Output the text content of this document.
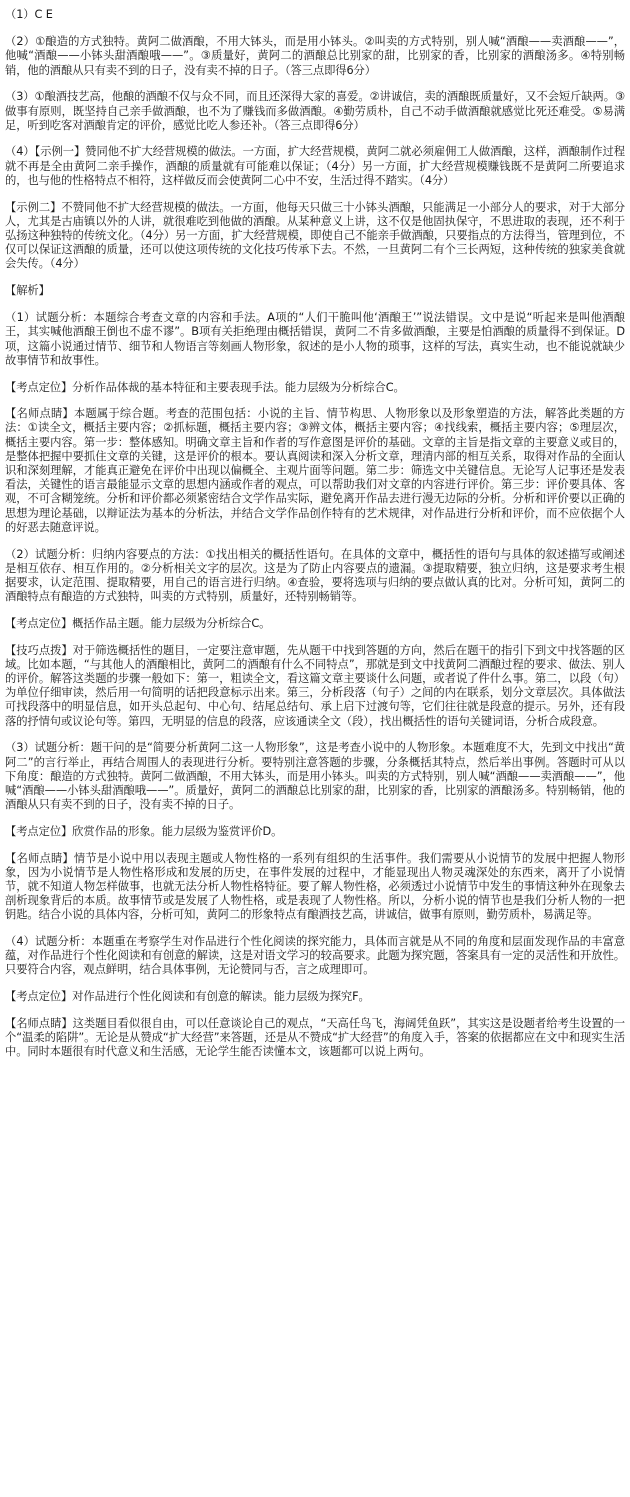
（1）C E
（2）①酿造的方式独特。黄阿二做酒酿，不用大钵头，而是用小钵头。②叫卖的方式特别，别人喊“酒酿——卖酒酿——”，他喊“酒酿——小钵头甜酒酿哦——”。③质量好，黄阿二的酒酿总比别家的甜，比别家的香，比别家的酒酿汤多。④特别畅销，他的酒酿从只有卖不到的日子，没有卖不掉的日子。（答三点即得6分）
（3）①酿酒技艺高，他酿的酒酿不仅与众不同，而且还深得大家的喜爱。②讲诚信，卖的酒酿既质量好，又不会短斤缺两。③做事有原则，既坚持自己亲手做酒酿，也不为了赚钱而多做酒酿。④勤劳质朴，自己不动手做酒酿就感觉比死还难受。⑤易满足，听到吃客对酒酿肯定的评价，感觉比吃人参还补。（答三点即得6分）
（4）【示例一】赞同他不扩大经营规模的做法。一方面，扩大经营规模，黄阿二就必须雇佣工人做酒酿，这样，酒酿制作过程就不再是全由黄阿二亲手操作，酒酿的质量就有可能难以保证；（4分）另一方面，扩大经营规模赚钱既不是黄阿二所要追求的，也与他的性格特点不相符，这样做反而会使黄阿二心中不安，生活过得不踏实。（4分）
【示例二】不赞同他不扩大经营规模的做法。一方面，他每天只做三十小钵头酒酿，只能满足一小部分人的要求，对于大部分人，尤其是古庙镇以外的人讲，就很难吃到他做的酒酿。从某种意义上讲，这不仅是他固执保守，不思进取的表现，还不利于弘扬这种独特的传统文化。（4分）另一方面，扩大经营规模，即使自己不能亲手做酒酿，只要指点的方法得当，管理到位，不仅可以保证这酒酿的质量，还可以使这项传统的文化技巧传承下去。不然，一旦黄阿二有个三长两短，这种传统的独家美食就会失传。（4分）
【解析】
（1）试题分析：本题综合考查文章的内容和手法。A项的“人们干脆叫他‘酒酿王’”说法错误。文中是说“听起来是叫他酒酿王，其实喊他酒酿王倒也不虚不谬”。B项有关拒绝理由概括错误，黄阿二不肯多做酒酿，主要是怕酒酿的质量得不到保证。D项，这篇小说通过情节、细节和人物语言等刻画人物形象，叙述的是小人物的琐事，这样的写法，真实生动，也不能说就缺少故事情节和故事性。
【考点定位】分析作品体裁的基本特征和主要表现手法。能力层级为分析综合C。
【名师点睛】本题属于综合题。考查的范围包括：小说的主旨、情节构思、人物形象以及形象塑造的方法，解答此类题的方法：①读全文，概括主要内容；②抓标题，概括主要内容；③辨文体，概括主要内容；④找线索，概括主要内容；⑤理层次，概括主要内容。第一步：整体感知。明确文章主旨和作者的写作意图是评价的基础。文章的主旨是指文章的主要意义或目的，是整体把握中要抓住文章的关键，这是评价的根本。要认真阅读和深入分析文章，理清内部的相互关系，取得对作品的全面认识和深刻理解，才能真正避免在评价中出现以偏概全、主观片面等问题。第二步：筛选文中关键信息。无论写人记事还是发表看法，关键性的语言最能显示文章的思想内涵或作者的观点，可以帮助我们对文章的内容进行评价。第三步：评价要具体、客观，不可含糊笼统。分析和评价都必须紧密结合文学作品实际，避免离开作品去进行漫无边际的分析。分析和评价要以正确的思想为理论基础，以辩证法为基本的分析法，并结合文学作品创作特有的艺术规律，对作品进行分析和评价，而不应依据个人的好恶去随意评说。
（2）试题分析：归纳内容要点的方法：①找出相关的概括性语句。在具体的文章中，概括性的语句与具体的叙述描写或阐述是相互依存、相互作用的。②分析相关文字的层次。这是为了防止内容要点的遗漏。③提取精要，独立归纳，这是要求考生根据要求，认定范围、提取精要，用自己的语言进行归纳。④查验，要将选项与归纳的要点做认真的比对。分析可知，黄阿二的酒酿特点有酿造的方式独特，叫卖的方式特别，质量好，还特别畅销等。
【考点定位】概括作品主题。能力层级为分析综合C。
【技巧点拨】对于筛选概括性的题目，一定要注意审题，先从题干中找到答题的方向，然后在题干的指引下到文中找答题的区域。比如本题，“与其他人的酒酿相比，黄阿二的酒酿有什么不同特点”，那就是到文中找黄阿二酒酿过程的要求、做法、别人的评价。解答这类题的步骤一般如下：第一，粗读全文，看这篇文章主要谈什么问题，或者说了件什么事。第二，以段（句）为单位仔细审读，然后用一句简明的话把段意标示出来。第三，分析段落（句子）之间的内在联系，划分文章层次。具体做法可找段落中的明显信息，如开头总起句、中心句、结尾总结句、承上启下过渡句等，它们往往就是段意的提示。另外，还有段落的抒情句或议论句等。第四，无明显的信息的段落，应该通读全文（段），找出概括性的语句关键词语，分析合成段意。
（3）试题分析：题干问的是“简要分析黄阿二这一人物形象”，这是考查小说中的人物形象。本题难度不大，先到文中找出“黄阿二”的言行举止，再结合周围人的表现进行分析。要特别注意答题的步骤，分条概括其特点，然后举出事例。答题时可从以下角度：酿造的方式独特。黄阿二做酒酿，不用大钵头，而是用小钵头。叫卖的方式特别，别人喊“酒酿——卖酒酿——”，他喊“酒酿——小钵头甜酒酿哦——”。质量好，黄阿二的酒酿总比别家的甜，比别家的香，比别家的酒酿汤多。特别畅销，他的酒酿从只有卖不到的日子，没有卖不掉的日子。
【考点定位】欣赏作品的形象。能力层级为鉴赏评价D。
【名师点睛】情节是小说中用以表现主题或人物性格的一系列有组织的生活事件。我们需要从小说情节的发展中把握人物形象，因为小说情节是人物性格形成和发展的历史，在事件发展的过程中，才能显现出人物灵魂深处的东西来，离开了小说情节，就不知道人物怎样做事，也就无法分析人物性格特征。要了解人物性格，必须透过小说情节中发生的事情这种外在现象去剖析现象背后的本质。故事情节或是发展了人物性格，或是表现了人物性格。所以，分析小说的情节也是我们分析人物的一把钥匙。结合小说的具体内容，分析可知，黄阿二的形象特点有酿酒技艺高，讲诚信，做事有原则，勤劳质朴，易满足等。
（4）试题分析：本题重在考察学生对作品进行个性化阅读的探究能力，具体而言就是从不同的角度和层面发现作品的丰富意蕴，对作品进行个性化阅读和有创意的解读，这是对语文学习的较高要求。此题为探究题，答案具有一定的灵活性和开放性。只要符合内容，观点鲜明，结合具体事例，无论赞同与否，言之成理即可。
【考点定位】对作品进行个性化阅读和有创意的解读。能力层级为探究F。
【名师点睛】这类题目看似很自由，可以任意谈论自己的观点，“天高任鸟飞，海阔凭鱼跃”，其实这是设题者给考生设置的一个“温柔的陷阱”。无论是从赞成“扩大经营”来答题，还是从不赞成“扩大经营”的角度入手，答案的依据都应在文中和现实生活中。同时本题很有时代意义和生活感，无论学生能否读懂本文，该题都可以说上两句。
